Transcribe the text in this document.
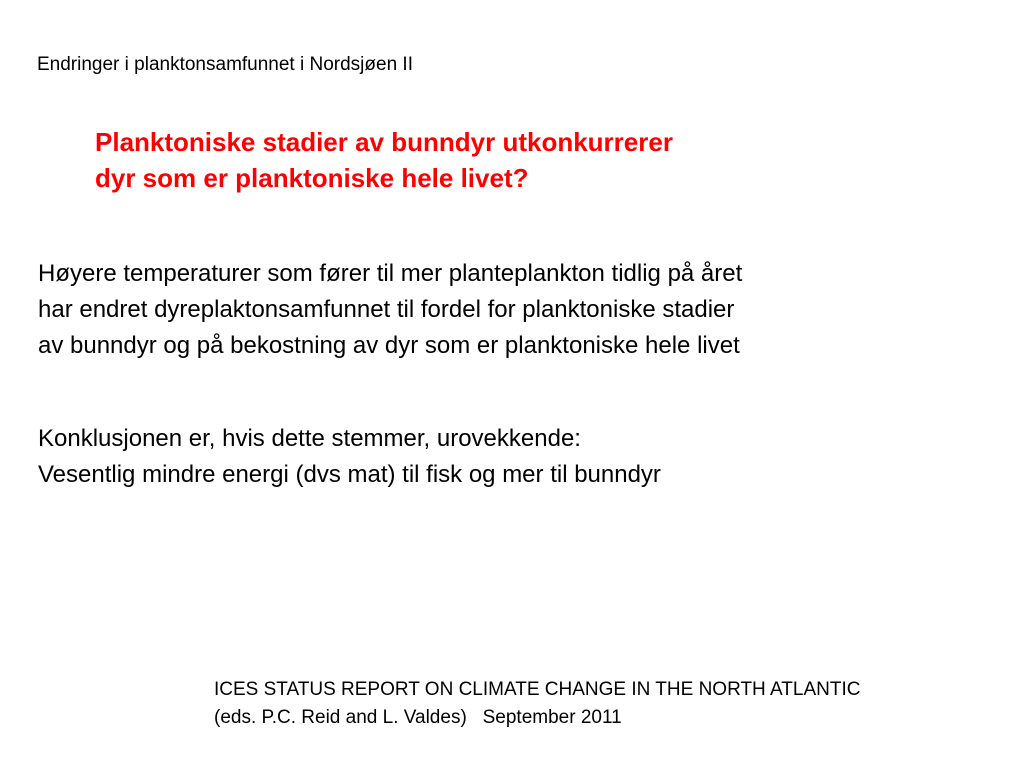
Endringer i planktonsamfunnet i Nordsjøen II
Planktoniske stadier av bunndyr utkonkurrerer
dyr som er planktoniske hele livet?

Høyere temperaturer som fører til mer planteplankton tidlig på året
har endret dyreplaktonsamfunnet til fordel for planktoniske stadier
av bunndyr og på bekostning av dyr som er planktoniske hele livet

Konklusjonen er, hvis dette stemmer, urovekkende:
Vesentlig mindre energi (dvs mat) til fisk og mer til bunndyr

ICES STATUS REPORT ON CLIMATE CHANGE IN THE NORTH ATLANTIC
(eds. P.C. Reid and L. Valdes)   September 2011
